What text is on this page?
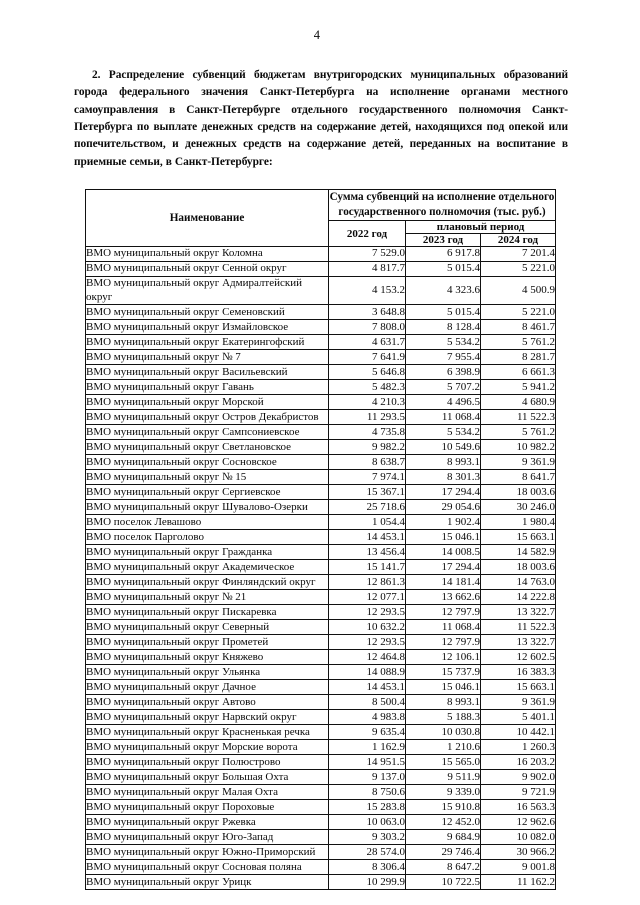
4

2. Распределение субвенций бюджетам внутригородских муниципальных образований города федерального значения Санкт-Петербурга на исполнение органами местного самоуправления в Санкт-Петербурге отдельного государственного полномочия Санкт-Петербурга по выплате денежных средств на содержание детей, находящихся под опекой или попечительством, и денежных средств на содержание детей, переданных на воспитание в приемные семьи, в Санкт-Петербурге:

Наименование	Сумма субвенций на исполнение отдельного государственного полномочия (тыс. руб.)		
	2022 год	плановый период	
		2023 год	2024 год
ВМО муниципальный округ Коломна	7 529.0	6 917.8	7 201.4
ВМО муниципальный округ Сенной округ	4 817.7	5 015.4	5 221.0
ВМО муниципальный округ Адмиралтейский округ	4 153.2	4 323.6	4 500.9
ВМО муниципальный округ Семеновский	3 648.8	5 015.4	5 221.0
ВМО муниципальный округ Измайловское	7 808.0	8 128.4	8 461.7
ВМО муниципальный округ Екатерингофский	4 631.7	5 534.2	5 761.2
ВМО муниципальный округ № 7	7 641.9	7 955.4	8 281.7
ВМО муниципальный округ Васильевский	5 646.8	6 398.9	6 661.3
ВМО муниципальный округ Гавань	5 482.3	5 707.2	5 941.2
ВМО муниципальный округ Морской	4 210.3	4 496.5	4 680.9
ВМО муниципальный округ Остров Декабристов	11 293.5	11 068.4	11 522.3
ВМО муниципальный округ Сампсониевское	4 735.8	5 534.2	5 761.2
ВМО муниципальный округ Светлановское	9 982.2	10 549.6	10 982.2
ВМО муниципальный округ Сосновское	8 638.7	8 993.1	9 361.9
ВМО муниципальный округ № 15	7 974.1	8 301.3	8 641.7
ВМО муниципальный округ Сергиевское	15 367.1	17 294.4	18 003.6
ВМО муниципальный округ Шувалово-Озерки	25 718.6	29 054.6	30 246.0
ВМО поселок Левашово	1 054.4	1 902.4	1 980.4
ВМО поселок Парголово	14 453.1	15 046.1	15 663.1
ВМО муниципальный округ Гражданка	13 456.4	14 008.5	14 582.9
ВМО муниципальный округ Академическое	15 141.7	17 294.4	18 003.6
ВМО муниципальный округ Финляндский округ	12 861.3	14 181.4	14 763.0
ВМО муниципальный округ № 21	12 077.1	13 662.6	14 222.8
ВМО муниципальный округ Пискаревка	12 293.5	12 797.9	13 322.7
ВМО муниципальный округ Северный	10 632.2	11 068.4	11 522.3
ВМО муниципальный округ Прометей	12 293.5	12 797.9	13 322.7
ВМО муниципальный округ Княжево	12 464.8	12 106.1	12 602.5
ВМО муниципальный округ Ульянка	14 088.9	15 737.9	16 383.3
ВМО муниципальный округ Дачное	14 453.1	15 046.1	15 663.1
ВМО муниципальный округ Автово	8 500.4	8 993.1	9 361.9
ВМО муниципальный округ Нарвский округ	4 983.8	5 188.3	5 401.1
ВМО муниципальный округ Красненькая речка	9 635.4	10 030.8	10 442.1
ВМО муниципальный округ Морские ворота	1 162.9	1 210.6	1 260.3
ВМО муниципальный округ Полюстрово	14 951.5	15 565.0	16 203.2
ВМО муниципальный округ Большая Охта	9 137.0	9 511.9	9 902.0
ВМО муниципальный округ Малая Охта	8 750.6	9 339.0	9 721.9
ВМО муниципальный округ Пороховые	15 283.8	15 910.8	16 563.3
ВМО муниципальный округ Ржевка	10 063.0	12 452.0	12 962.6
ВМО муниципальный округ Юго-Запад	9 303.2	9 684.9	10 082.0
ВМО муниципальный округ Южно-Приморский	28 574.0	29 746.4	30 966.2
ВМО муниципальный округ Сосновая поляна	8 306.4	8 647.2	9 001.8
ВМО муниципальный округ Урицк	10 299.9	10 722.5	11 162.2
